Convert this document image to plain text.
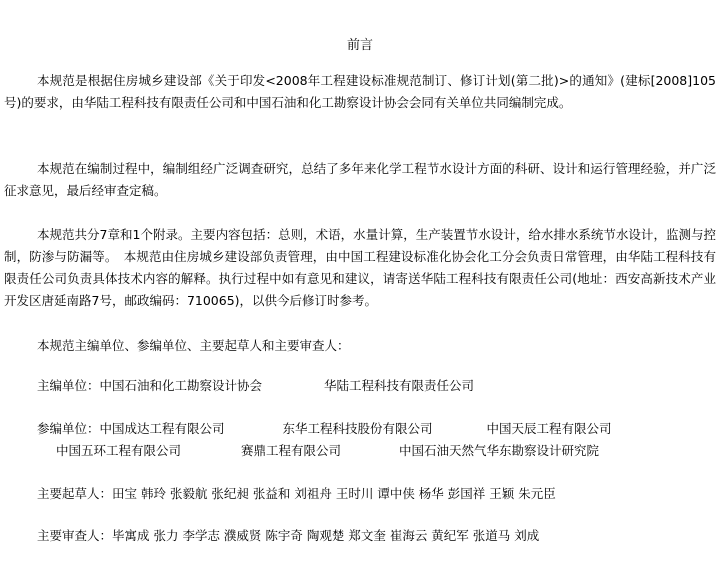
前言
本规范是根据住房城乡建设部《关于印发<2008年工程建设标准规范制订、修订计划(第二批)>的通知》(建标[2008]105号)的要求，由华陆工程科技有限责任公司和中国石油和化工勘察设计协会会同有关单位共同编制完成。
本规范在编制过程中，编制组经广泛调查研究，总结了多年来化学工程节水设计方面的科研、设计和运行管理经验，并广泛征求意见，最后经审查定稿。
本规范共分7章和1个附录。主要内容包括：总则，术语，水量计算，生产装置节水设计，给水排水系统节水设计，监测与控制，防渗与防漏等。　本规范由住房城乡建设部负责管理，由中国工程建设标准化协会化工分会负责日常管理，由华陆工程科技有限责任公司负责具体技术内容的解释。执行过程中如有意见和建议，请寄送华陆工程科技有限责任公司(地址：西安高新技术产业开发区唐延南路7号，邮政编码：710065)，以供今后修订时参考。
本规范主编单位、参编单位、主要起草人和主要审查人：
主编单位：中国石油和化工勘察设计协会	华陆工程科技有限责任公司
参编单位：中国成达工程有限公司	东华工程科技股份有限公司	中国天辰工程有限公司
中国五环工程有限公司	赛鼎工程有限公司	中国石油天然气华东勘察设计研究院
主要起草人：田宝 韩玲 张毅航 张纪昶 张益和 刘祖舟 王时川 谭中侠 杨华 彭国祥 王颖 朱元臣
主要审查人：毕寓成 张力 李学志 濮威贤 陈宇奇 陶观楚 郑文奎 崔海云 黄纪军 张道马 刘成
